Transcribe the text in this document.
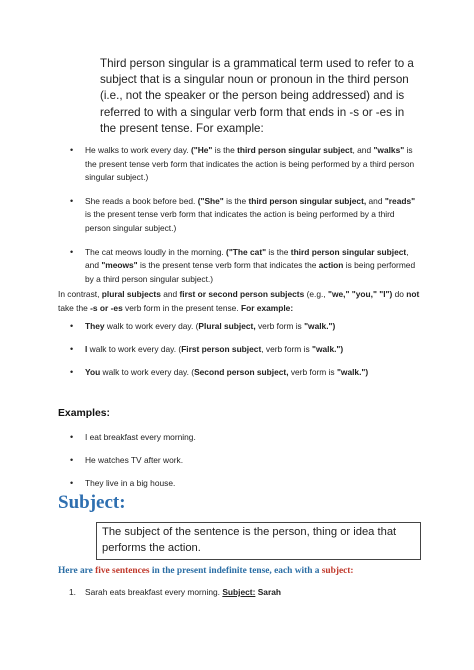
Third person singular is a grammatical term used to refer to a subject that is a singular noun or pronoun in the third person (i.e., not the speaker or the person being addressed) and is referred to with a singular verb form that ends in -s or -es in the present tense. For example:
• He walks to work every day. ("He" is the third person singular subject, and "walks" is the present tense verb form that indicates the action is being performed by a third person singular subject.)
• She reads a book before bed. ("She" is the third person singular subject, and "reads" is the present tense verb form that indicates the action is being performed by a third person singular subject.)
• The cat meows loudly in the morning. ("The cat" is the third person singular subject, and "meows" is the present tense verb form that indicates the action is being performed by a third person singular subject.)
In contrast, plural subjects and first or second person subjects (e.g., "we," "you," "I") do not take the -s or -es verb form in the present tense. For example:
• They walk to work every day. (Plural subject, verb form is "walk.")
• I walk to work every day. (First person subject, verb form is "walk.")
• You walk to work every day. (Second person subject, verb form is "walk.")
Examples:
• I eat breakfast every morning.
• He watches TV after work.
• They live in a big house.
Subject:
The subject of the sentence is the person, thing or idea that performs the action.
Here are five sentences in the present indefinite tense, each with a subject:
1. Sarah eats breakfast every morning. Subject: Sarah
